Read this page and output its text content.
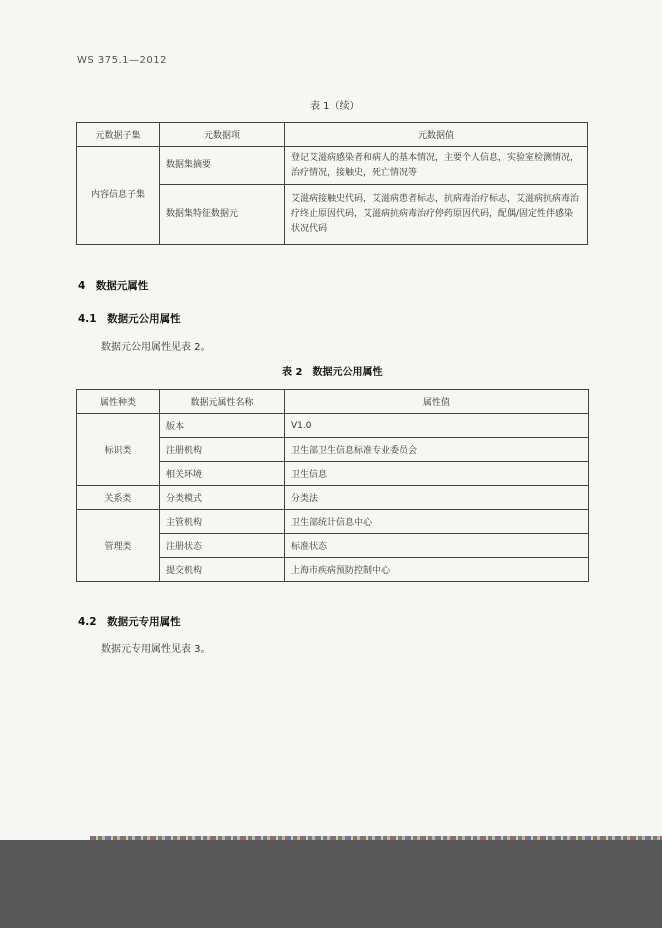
WS 375.1—2012
表 1（续）
元数据子集	元数据项	元数据值
内容信息子集	数据集摘要	登记艾滋病感染者和病人的基本情况，主要个人信息，实验室检测情况，治疗情况，接触史，死亡情况等
	数据集特征数据元	艾滋病接触史代码，艾滋病患者标志，抗病毒治疗标志，艾滋病抗病毒治疗终止原因代码，艾滋病抗病毒治疗停药原因代码，配偶/固定性伴感染状况代码
4　数据元属性
4.1　数据元公用属性
数据元公用属性见表 2。
表 2　数据元公用属性
属性种类	数据元属性名称	属性值
标识类	版本	V1.0
	注册机构	卫生部卫生信息标准专业委员会
	相关环境	卫生信息
关系类	分类模式	分类法
管理类	主管机构	卫生部统计信息中心
	注册状态	标准状态
	提交机构	上海市疾病预防控制中心
4.2　数据元专用属性
数据元专用属性见表 3。
